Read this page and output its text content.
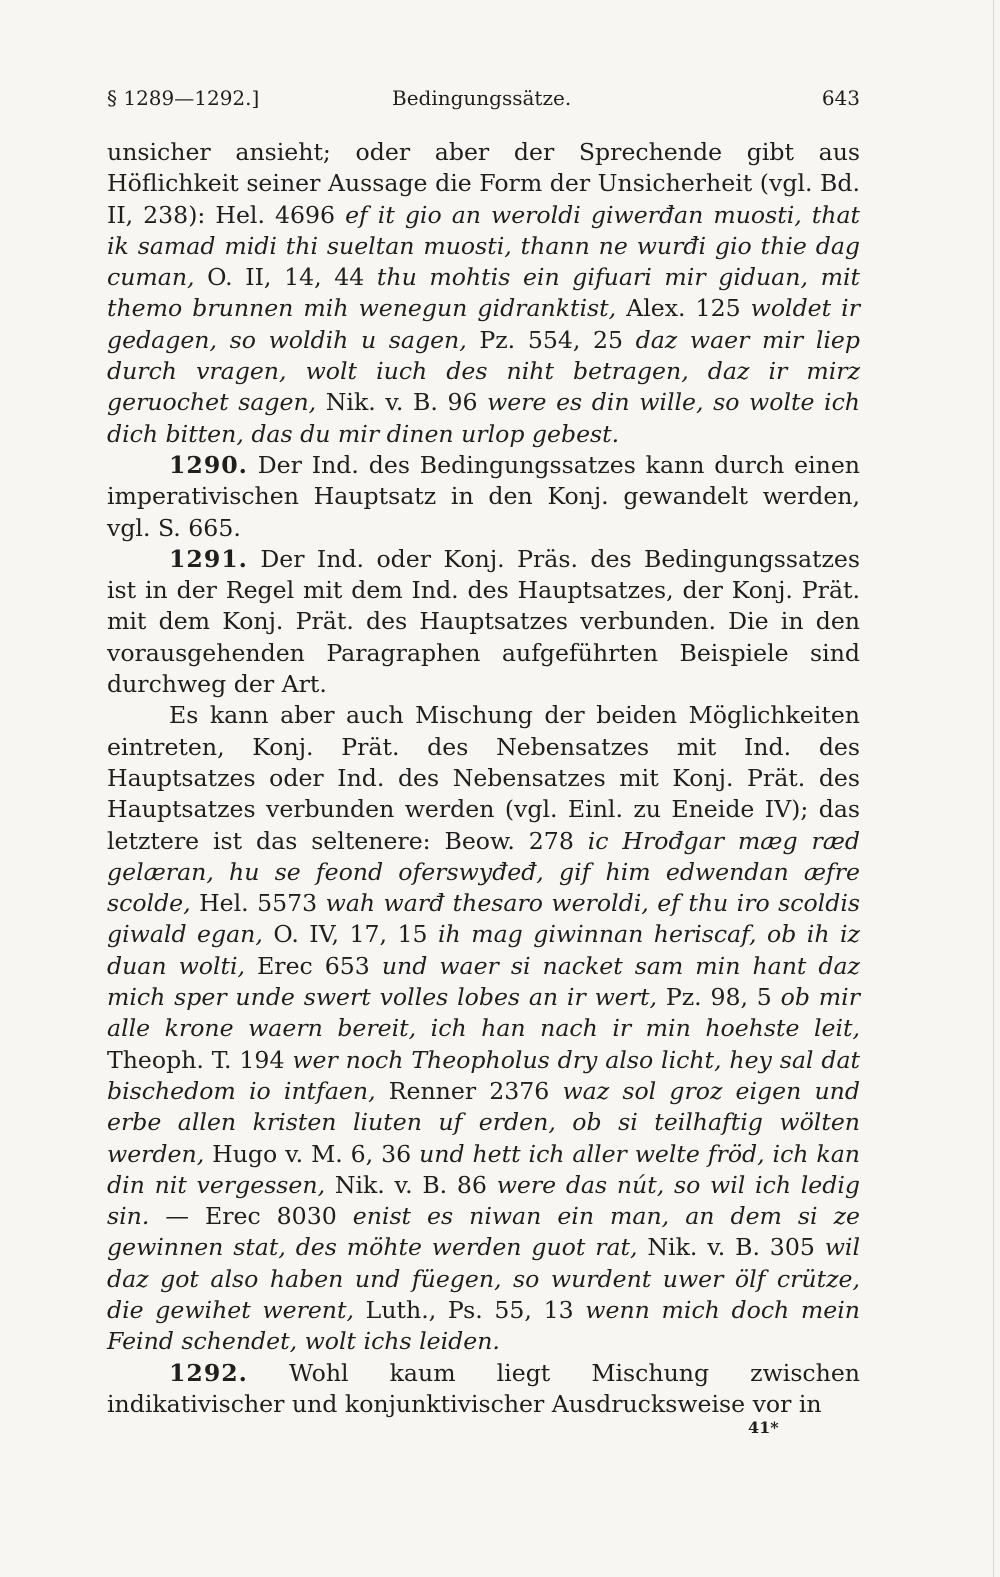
§ 1289—1292.]	Bedingungssätze.	643

unsicher ansieht; oder aber der Sprechende gibt aus Höflichkeit seiner Aussage die Form der Unsicherheit (vgl. Bd. II, 238): Hel. 4696 ef it gio an weroldi giwerđan muosti, that ik samad midi thi sueltan muosti, thann ne wurđi gio thie dag cuman, O. II, 14, 44 thu mohtis ein gifuari mir giduan, mit themo brunnen mih wenegun gidranktist, Alex. 125 woldet ir gedagen, so woldih u sagen, Pz. 554, 25 daz waer mir liep durch vragen, wolt iuch des niht betragen, daz ir mirz geruochet sagen, Nik. v. B. 96 were es din wille, so wolte ich dich bitten, das du mir dinen urlop gebest.

1290. Der Ind. des Bedingungssatzes kann durch einen imperativischen Hauptsatz in den Konj. gewandelt werden, vgl. S. 665.

1291. Der Ind. oder Konj. Präs. des Bedingungssatzes ist in der Regel mit dem Ind. des Hauptsatzes, der Konj. Prät. mit dem Konj. Prät. des Hauptsatzes verbunden. Die in den vorausgehenden Paragraphen aufgeführten Beispiele sind durchweg der Art.

Es kann aber auch Mischung der beiden Möglichkeiten eintreten, Konj. Prät. des Nebensatzes mit Ind. des Hauptsatzes oder Ind. des Nebensatzes mit Konj. Prät. des Hauptsatzes verbunden werden (vgl. Einl. zu Eneide IV); das letztere ist das seltenere: Beow. 278 ic Hrođgar mæg ræd gelæran, hu se feond oferswyđeđ, gif him edwendan æfre scolde, Hel. 5573 wah warđ thesaro weroldi, ef thu iro scoldis giwald egan, O. IV, 17, 15 ih mag giwinnan heriscaf, ob ih iz duan wolti, Erec 653 und waer si nacket sam min hant daz mich sper unde swert volles lobes an ir wert, Pz. 98, 5 ob mir alle krone waern bereit, ich han nach ir min hoehste leit, Theoph. T. 194 wer noch Theopholus dry also licht, hey sal dat bischedom io intfaen, Renner 2376 waz sol groz eigen und erbe allen kristen liuten uf erden, ob si teilhaftig wölten werden, Hugo v. M. 6, 36 und hett ich aller welte fröd, ich kan din nit vergessen, Nik. v. B. 86 were das nút, so wil ich ledig sin. — Erec 8030 enist es niwan ein man, an dem si ze gewinnen stat, des möhte werden guot rat, Nik. v. B. 305 wil daz got also haben und füegen, so wurdent uwer ölf crütze, die gewihet werent, Luth., Ps. 55, 13 wenn mich doch mein Feind schendet, wolt ichs leiden.

1292. Wohl kaum liegt Mischung zwischen indikativischer und konjunktivischer Ausdrucksweise vor in

41*
